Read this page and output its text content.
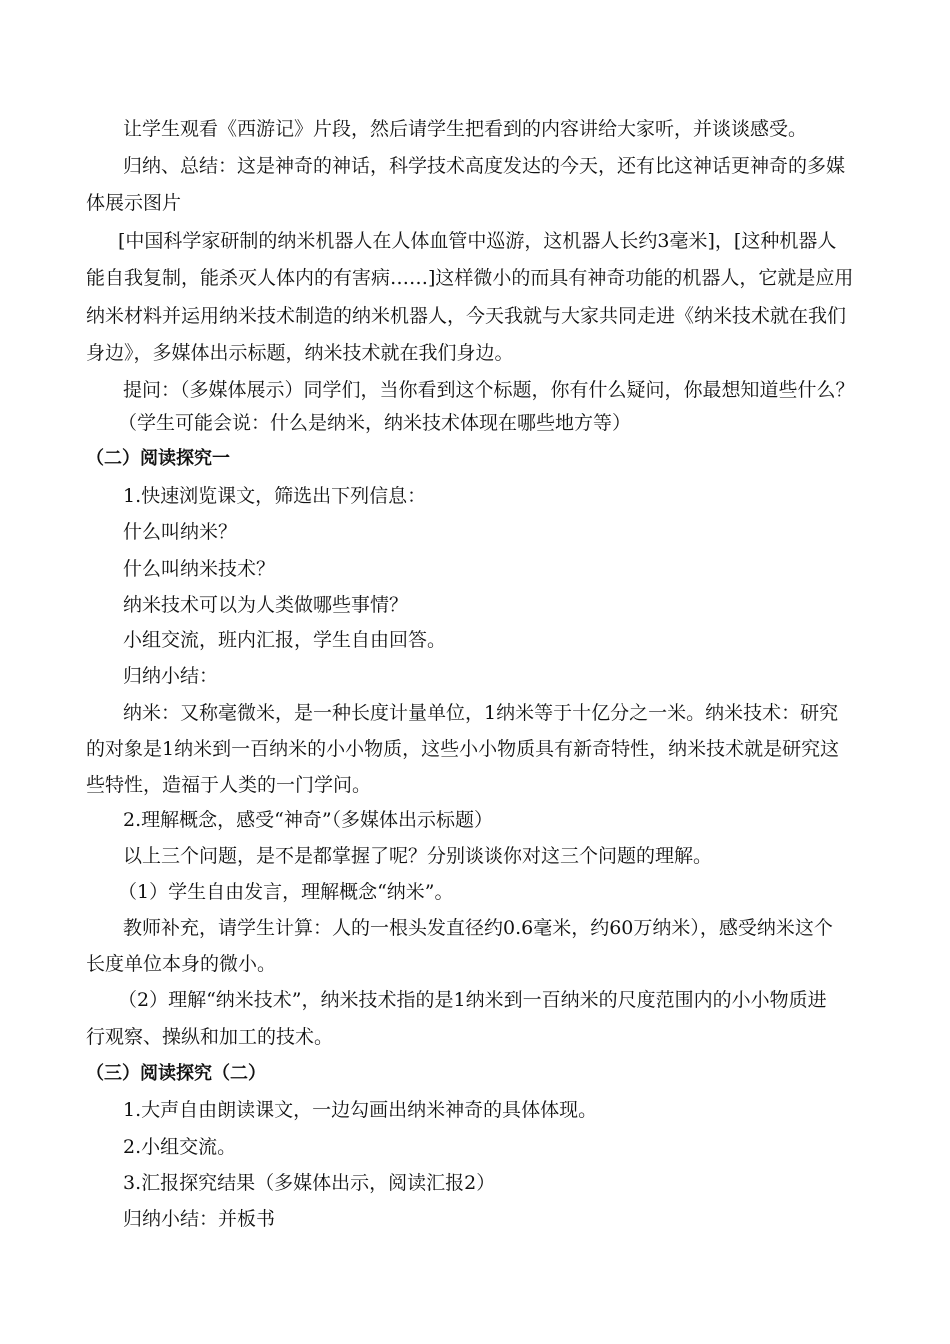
让学生观看《西游记》片段，然后请学生把看到的内容讲给大家听，并谈谈感受。
归纳、总结：这是神奇的神话，科学技术高度发达的今天，还有比这神话更神奇的多媒
体展示图片
[中国科学家研制的纳米机器人在人体血管中巡游，这机器人长约3毫米]，[这种机器人
能自我复制，能杀灭人体内的有害病……]这样微小的而具有神奇功能的机器人，它就是应用
纳米材料并运用纳米技术制造的纳米机器人，今天我就与大家共同走进《纳米技术就在我们
身边》，多媒体出示标题，纳米技术就在我们身边。
提问：（多媒体展示）同学们，当你看到这个标题，你有什么疑问，你最想知道些什么？
（学生可能会说：什么是纳米，纳米技术体现在哪些地方等）
（二）阅读探究一
1.快速浏览课文，筛选出下列信息：
什么叫纳米？
什么叫纳米技术？
纳米技术可以为人类做哪些事情？
小组交流，班内汇报，学生自由回答。
归纳小结：
纳米：又称毫微米，是一种长度计量单位，1纳米等于十亿分之一米。纳米技术：研究
的对象是1纳米到一百纳米的小小物质，这些小小物质具有新奇特性，纳米技术就是研究这
些特性，造福于人类的一门学问。
2.理解概念，感受“神奇”（多媒体出示标题）
以上三个问题，是不是都掌握了呢？分别谈谈你对这三个问题的理解。
（1）学生自由发言，理解概念“纳米”。
教师补充，请学生计算：人的一根头发直径约0.6毫米，约60万纳米），感受纳米这个
长度单位本身的微小。
（2）理解“纳米技术”，纳米技术指的是1纳米到一百纳米的尺度范围内的小小物质进
行观察、操纵和加工的技术。
（三）阅读探究（二）
1.大声自由朗读课文，一边勾画出纳米神奇的具体体现。
2.小组交流。
3.汇报探究结果（多媒体出示，阅读汇报2）
归纳小结：并板书
